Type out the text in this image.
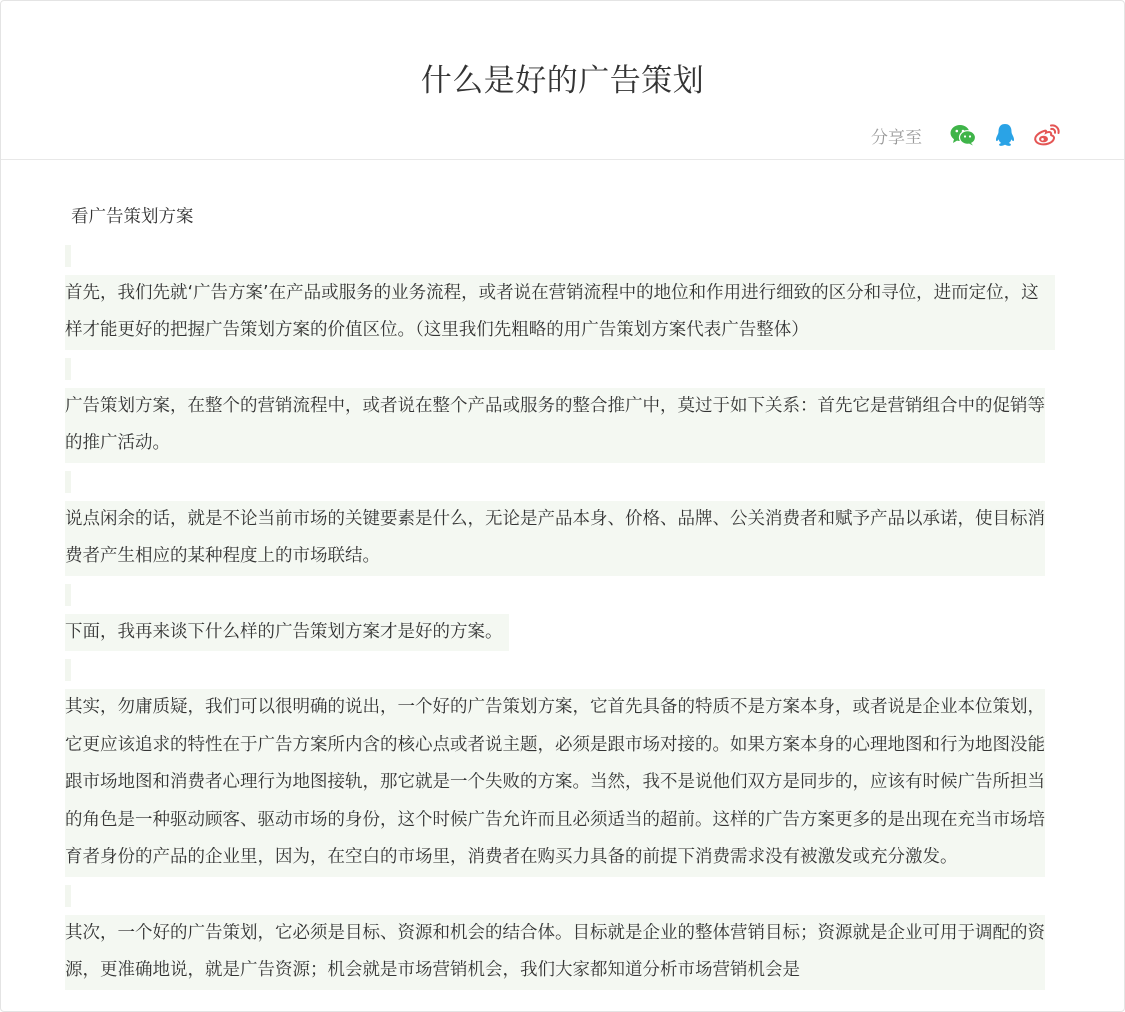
什么是好的广告策划
分享至

看广告策划方案

首先，我们先就‘广告方案’在产品或服务的业务流程，或者说在营销流程中的地位和作用进行细致的区分和寻位，进而定位，这样才能更好的把握广告策划方案的价值区位。（这里我们先粗略的用广告策划方案代表广告整体）

广告策划方案，在整个的营销流程中，或者说在整个产品或服务的整合推广中，莫过于如下关系：首先它是营销组合中的促销等的推广活动。

说点闲余的话，就是不论当前市场的关键要素是什么，无论是产品本身、价格、品牌、公关消费者和赋予产品以承诺，使目标消费者产生相应的某种程度上的市场联结。

下面，我再来谈下什么样的广告策划方案才是好的方案。

其实，勿庸质疑，我们可以很明确的说出，一个好的广告策划方案，它首先具备的特质不是方案本身，或者说是企业本位策划，它更应该追求的特性在于广告方案所内含的核心点或者说主题，必须是跟市场对接的。如果方案本身的心理地图和行为地图没能跟市场地图和消费者心理行为地图接轨，那它就是一个失败的方案。当然，我不是说他们双方是同步的，应该有时候广告所担当的角色是一种驱动顾客、驱动市场的身份，这个时候广告允许而且必须适当的超前。这样的广告方案更多的是出现在充当市场培育者身份的产品的企业里，因为，在空白的市场里，消费者在购买力具备的前提下消费需求没有被激发或充分激发。

其次，一个好的广告策划，它必须是目标、资源和机会的结合体。目标就是企业的整体营销目标；资源就是企业可用于调配的资源，更准确地说，就是广告资源；机会就是市场营销机会，我们大家都知道分析市场营销机会是
